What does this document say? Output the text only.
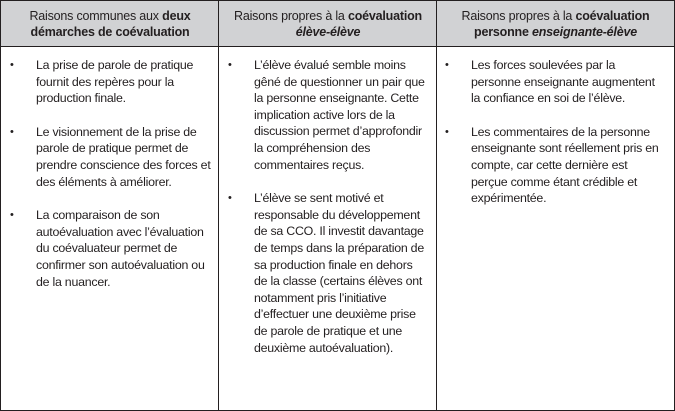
Raisons communes aux deux démarches de coévaluation
Raisons propres à la coévaluation
élève-élève
Raisons propres à la coévaluation personne enseignante-élève
• La prise de parole de pratique fournit des repères pour la production finale.
• Le visionnement de la prise de parole de pratique permet de prendre conscience des forces et des éléments à améliorer.
• La comparaison de son autoévaluation avec l’évaluation du coévaluateur permet de confirmer son autoévaluation ou de la nuancer.
• L’élève évalué semble moins gêné de questionner un pair que la personne enseignante. Cette implication active lors de la discussion permet d’approfondir la compréhension des commentaires reçus.
• L’élève se sent motivé et responsable du développement de sa CCO. Il investit davantage de temps dans la préparation de sa production finale en dehors de la classe (certains élèves ont notamment pris l’initiative d’effectuer une deuxième prise de parole de pratique et une deuxième autoévaluation).
• Les forces soulevées par la personne enseignante augmentent la confiance en soi de l’élève.
• Les commentaires de la personne enseignante sont réellement pris en compte, car cette dernière est perçue comme étant crédible et expérimentée.
